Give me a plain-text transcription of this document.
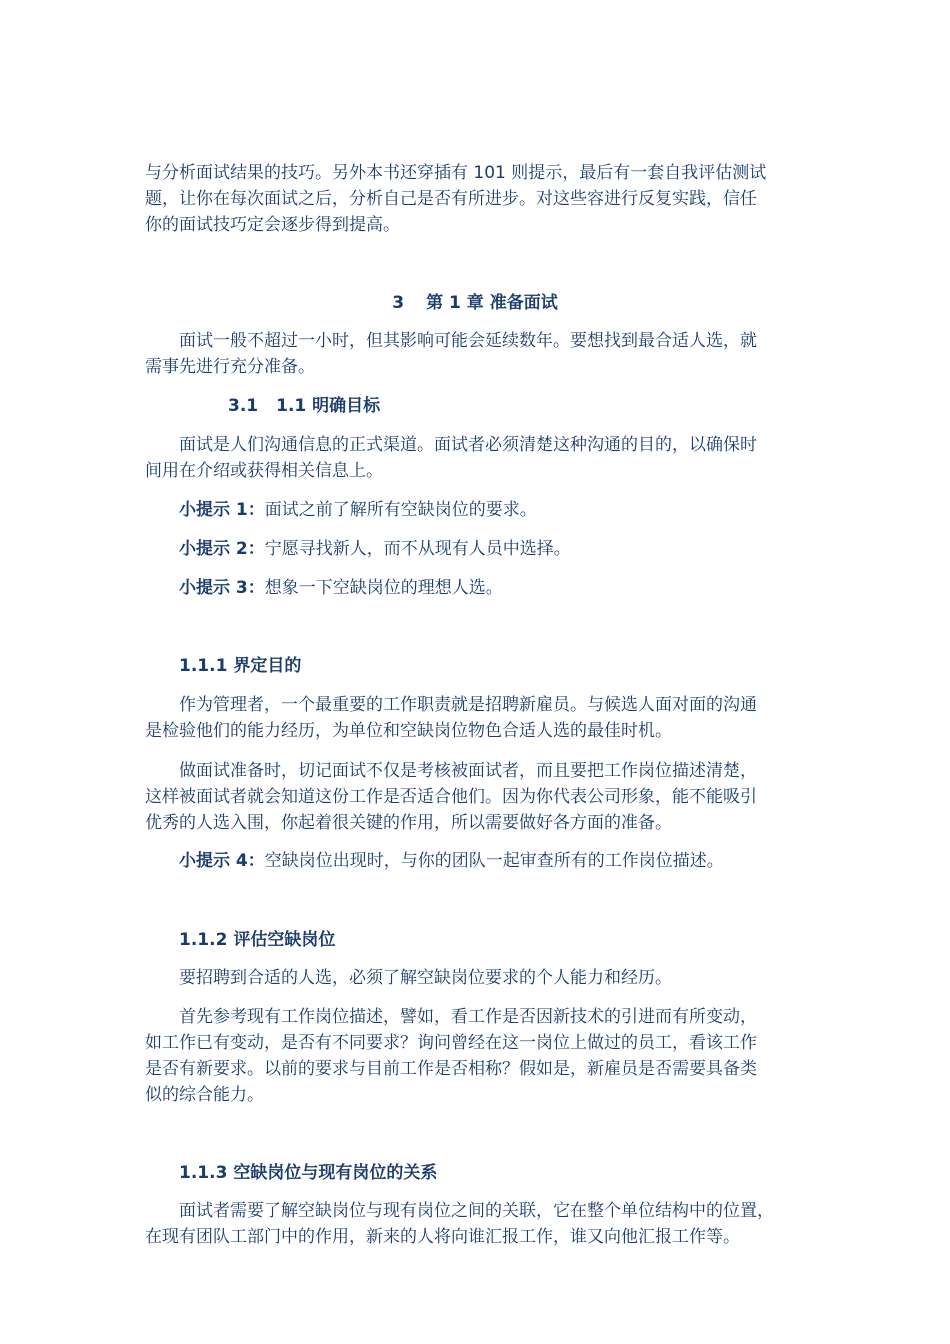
与分析面试结果的技巧。另外本书还穿插有 101 则提示，最后有一套自我评估测试
题，让你在每次面试之后，分析自己是否有所进步。对这些容进行反复实践，信任
你的面试技巧定会逐步得到提高。

3 第 1 章 准备面试

面试一般不超过一小时，但其影响可能会延续数年。要想找到最合适人选，就
需事先进行充分准备。

3.1 1.1 明确目标

面试是人们沟通信息的正式渠道。面试者必须清楚这种沟通的目的，以确保时
间用在介绍或获得相关信息上。

小提示 1：面试之前了解所有空缺岗位的要求。

小提示 2：宁愿寻找新人，而不从现有人员中选择。

小提示 3：想象一下空缺岗位的理想人选。

1.1.1 界定目的

作为管理者，一个最重要的工作职责就是招聘新雇员。与候选人面对面的沟通
是检验他们的能力经历，为单位和空缺岗位物色合适人选的最佳时机。

做面试准备时，切记面试不仅是考核被面试者，而且要把工作岗位描述清楚，
这样被面试者就会知道这份工作是否适合他们。因为你代表公司形象，能不能吸引
优秀的人选入围，你起着很关键的作用，所以需要做好各方面的准备。

小提示 4：空缺岗位出现时，与你的团队一起审查所有的工作岗位描述。

1.1.2 评估空缺岗位

要招聘到合适的人选，必须了解空缺岗位要求的个人能力和经历。

首先参考现有工作岗位描述，譬如，看工作是否因新技术的引进而有所变动，
如工作已有变动，是否有不同要求？询问曾经在这一岗位上做过的员工，看该工作
是否有新要求。以前的要求与目前工作是否相称？假如是，新雇员是否需要具备类
似的综合能力。

1.1.3 空缺岗位与现有岗位的关系

面试者需要了解空缺岗位与现有岗位之间的关联，它在整个单位结构中的位置，
在现有团队工部门中的作用，新来的人将向谁汇报工作，谁又向他汇报工作等。
